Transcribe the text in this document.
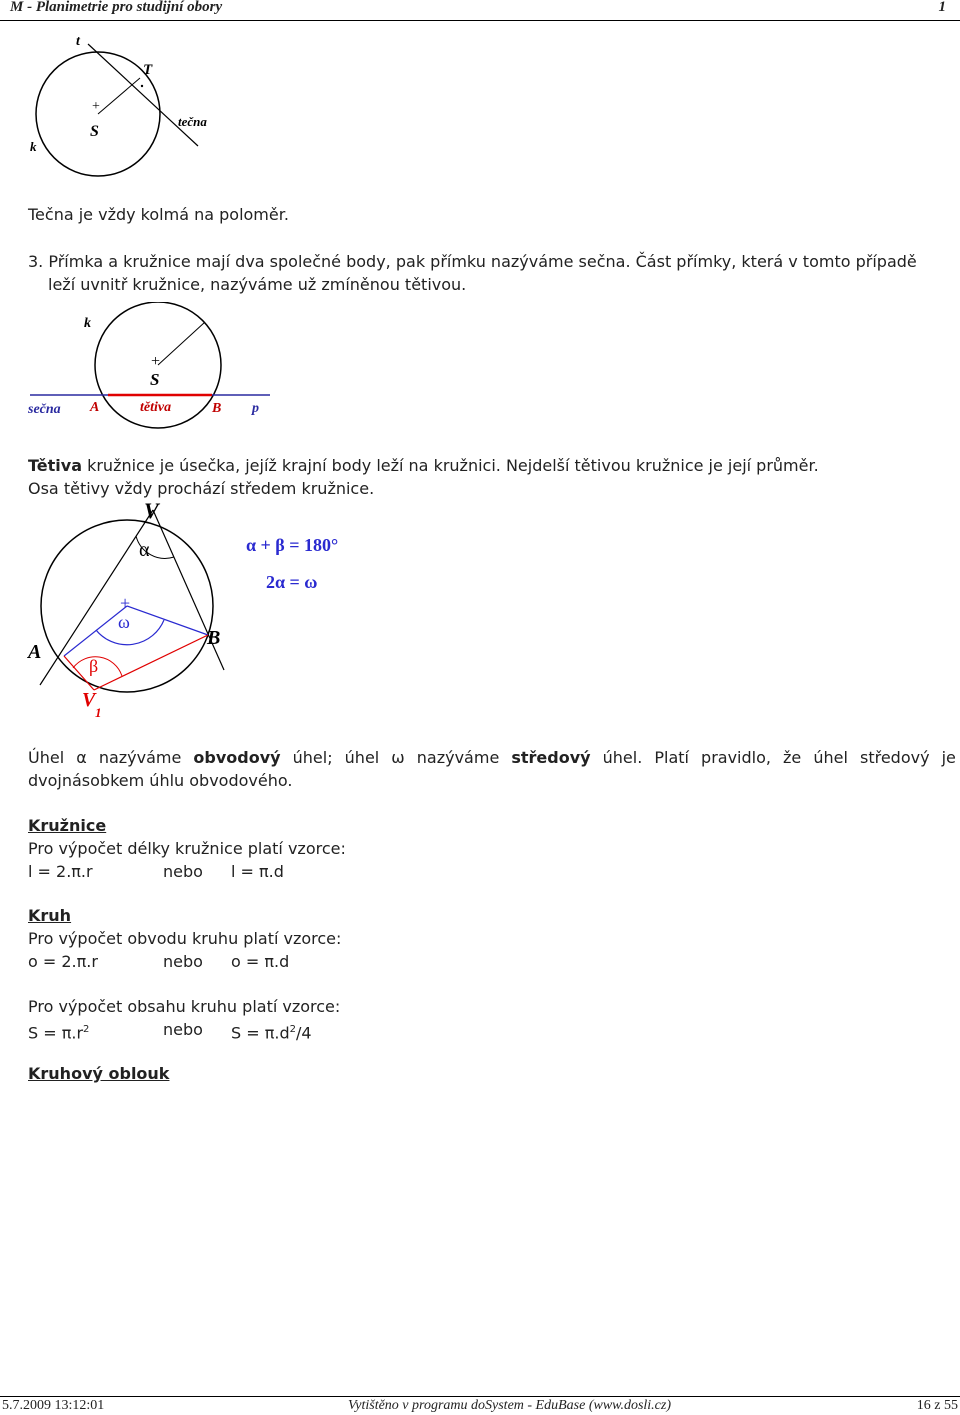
M - Planimetrie pro studijní obory	1
+
t
T
tečna
S
k
Tečna je vždy kolmá na poloměr.
3. Přímka a kružnice mají dva společné body, pak přímku nazýváme sečna. Část přímky, která v tomto případě
leží uvnitř kružnice, nazýváme už zmíněnou tětivou.
+
k
S
sečna A	tětiva	B p
Tětiva kružnice je úsečka, jejíž krajní body leží na kružnici. Nejdelší tětivou kružnice je její průměr.
Osa tětivy vždy prochází středem kružnice.
+
V
α
ω
A
B
β
V
1
α + β = 180°
2α = ω
Úhel α nazýváme obvodový úhel; úhel ω nazýváme středový úhel. Platí pravidlo, že úhel středový je
dvojnásobkem úhlu obvodového.
Kružnice
Pro výpočet délky kružnice platí vzorce:
l = 2.π.r	nebo l = π.d
Kruh
Pro výpočet obvodu kruhu platí vzorce:
o = 2.π.r	nebo o = π.d
Pro výpočet obsahu kruhu platí vzorce:
$S = \pi.r^2$	nebo $S = \pi.d^2/4$
Kruhový oblouk
5.7.2009 13:12:01	Vytištěno v programu doSystem - EduBase (www.dosli.cz)	16 z 55
